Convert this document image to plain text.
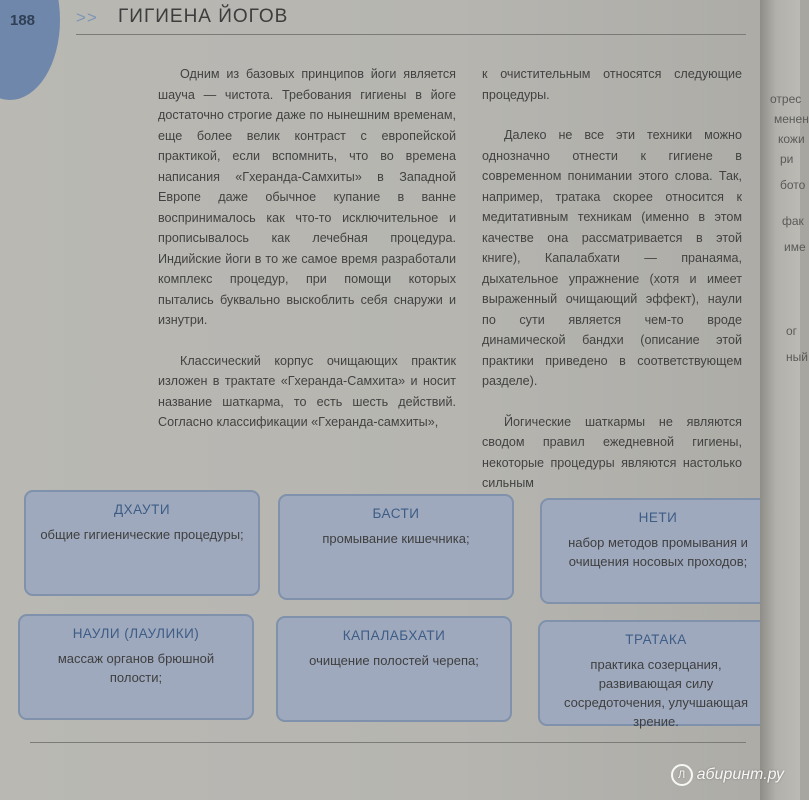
188 >> ГИГИЕНА ЙОГОВ

Одним из базовых принципов йоги является шауча — чистота. Требования гигиены в йоге достаточно строгие даже по нынешним временам, еще более велик контраст с европейской практикой, если вспомнить, что во времена написания «Гхеранда-Самхиты» в Западной Европе даже обычное купание в ванне воспринималось как что-то исключительное и прописывалось как лечебная процедура. Индийские йоги в то же самое время разработали комплекс процедур, при помощи которых пытались буквально выскоблить себя снаружи и изнутри.

Классический корпус очищающих практик изложен в трактате «Гхеранда-Самхита» и носит название шаткарма, то есть шесть действий. Согласно классификации «Гхеранда-самхиты»,

к очистительным относятся следующие процедуры.

Далеко не все эти техники можно однозначно отнести к гигиене в современном понимании этого слова. Так, например, тратака скорее относится к медитативным техникам (именно в этом качестве она рассматривается в этой книге), Капалабхати — пранаяма, дыхательное упражнение (хотя и имеет выраженный очищающий эффект), наули по сути является чем-то вроде динамической бандхи (описание этой практики приведено в соответствующем разделе).

Йогические шаткармы не являются сводом правил ежедневной гигиены, некоторые процедуры являются настолько сильным

ДХАУТИ
общие гигиенические процедуры;
БАСТИ
промывание кишечника;
НЕТИ
набор методов промывания и очищения носовых проходов;
НАУЛИ (ЛАУЛИКИ)
массаж органов брюшной полости;
КАПАЛАБХАТИ
очищение полостей черепа;
ТРАТАКА
практика созерцания, развивающая силу сосредоточения, улучшающая зрение.
отрес
менен
кожи
ри
бото
фак
име
ог
ный
Л абиринт.ру
